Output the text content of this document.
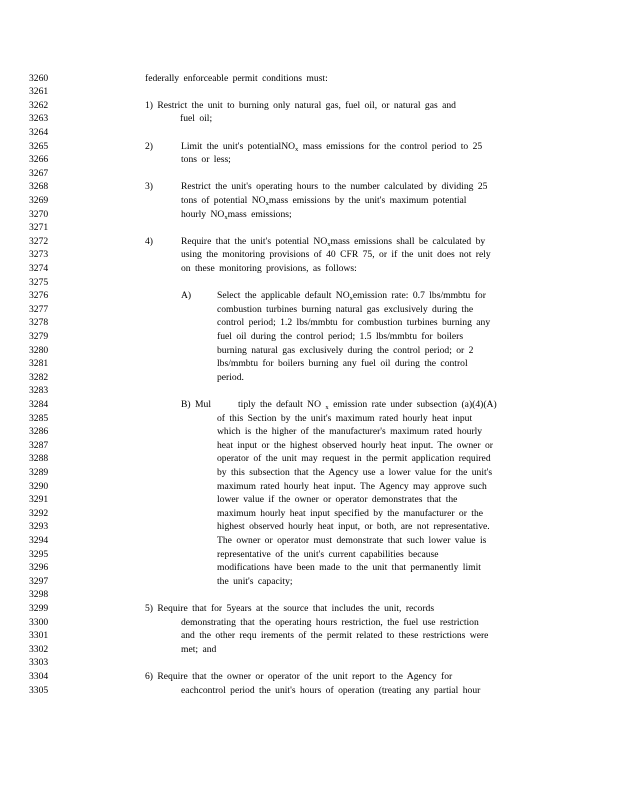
3260
3261
3262
3263
3264
3265
3266
3267
3268
3269
3270
3271
3272
3273
3274
3275
3276
3277
3278
3279
3280
3281
3282
3283
3284
3285
3286
3287
3288
3289
3290
3291
3292
3293
3294
3295
3296
3297
3298
3299
3300
3301
3302
3303
3304
3305
federally enforceable permit conditions must:
1) Restrict the unit to burning only natural gas, fuel oil, or natural gas and
fuel oil;
2)	Limit the unit's potentialNO$_x$ mass emissions for the control period to 25
tons or less;
3)	Restrict the unit's operating hours to the number calculated by dividing 25
tons of potential $NO_xmass$ emissions by the unit's maximum potential
hourly $NO_xmass$ emissions;
4)	Require that the unit's potential $NO_xmass$ emissions shall be calculated by
using the monitoring provisions of 40 CFR 75, or if the unit does not rely
on these monitoring provisions, as follows:
A)	Select the applicable default $NO_xemission$ rate: 0.7 lbs/mmbtu for
combustion turbines burning natural gas exclusively during the
control period; 1.2 lbs/mmbtu for combustion turbines burning any
fuel oil during the control period; 1.5 lbs/mmbtu for boilers
burning natural gas exclusively during the control period; or 2
lbs/mmbtu for boilers burning any fuel oil during the control
period.
B) Mul	tiply the default NO $_x$ emission rate under subsection (a)(4)(A)
of this Section by the unit's maximum rated hourly heat input
which is the higher of the manufacturer's maximum rated hourly
heat input or the highest observed hourly heat input. The owner or
operator of the unit may request in the permit application required
by this subsection that the Agency use a lower value for the unit's
maximum rated hourly heat input. The Agency may approve such
lower value if the owner or operator demonstrates that the
maximum hourly heat input specified by the manufacturer or the
highest observed hourly heat input, or both, are not representative.
The owner or operator must demonstrate that such lower value is
representative of the unit's current capabilities because
modifications have been made to the unit that permanently limit
the unit's capacity;
5) Require that for 5years at the source that includes the unit, records
demonstrating that the operating hours restriction, the fuel use restriction
and the other requ irements of the permit related to these restrictions were
met; and
6) Require that the owner or operator of the unit report to the Agency for
eachcontrol period the unit's hours of operation (treating any partial hour
